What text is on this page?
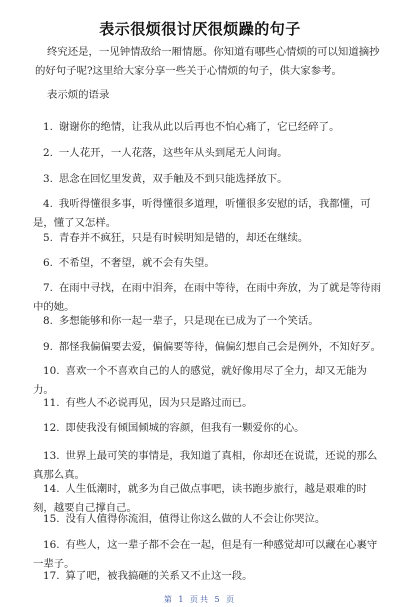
表示很烦很讨厌很烦躁的句子
终究还是，一见钟情敌给一厢情愿。你知道有哪些心情烦的可以知道摘抄
的好句子呢?这里给大家分享一些关于心情烦的句子，供大家参考。
表示烦的语录
1. 谢谢你的绝情，让我从此以后再也不怕心痛了，它已经碎了。
2. 一人花开，一人花落，这些年从头到尾无人问询。
3. 思念在回忆里发黄，双手触及不到只能选择放下。
4. 我听得懂很多事，听得懂很多道理，听懂很多安慰的话，我都懂，可
是，懂了又怎样。
5. 青春并不疯狂，只是有时候明知是错的，却还在继续。
6. 不希望，不奢望，就不会有失望。
7. 在雨中寻找，在雨中泪奔，在雨中等待，在雨中奔放，为了就是等待雨
中的她。
8. 多想能够和你一起一辈子，只是现在已成为了一个笑话。
9. 都怪我偏偏要去爱，偏偏要等待，偏偏幻想自己会是例外，不知好歹。
10. 喜欢一个不喜欢自己的人的感觉，就好像用尽了全力，却又无能为
力。
11. 有些人不必说再见，因为只是路过而已。
12. 即使我没有倾国倾城的容颜，但我有一颗爱你的心。
13. 世界上最可笑的事情是，我知道了真相，你却还在说谎，还说的那么
真那么真。
14. 人生低潮时，就多为自己做点事吧，读书跑步旅行，越是艰难的时
刻，越要自己撑自己。
15. 没有人值得你流泪，值得让你这么做的人不会让你哭泣。
16. 有些人，这一辈子都不会在一起，但是有一种感觉却可以藏在心裹守
一辈子。
17. 算了吧，被我搞砸的关系又不止这一段。
第 1 页共 5 页
